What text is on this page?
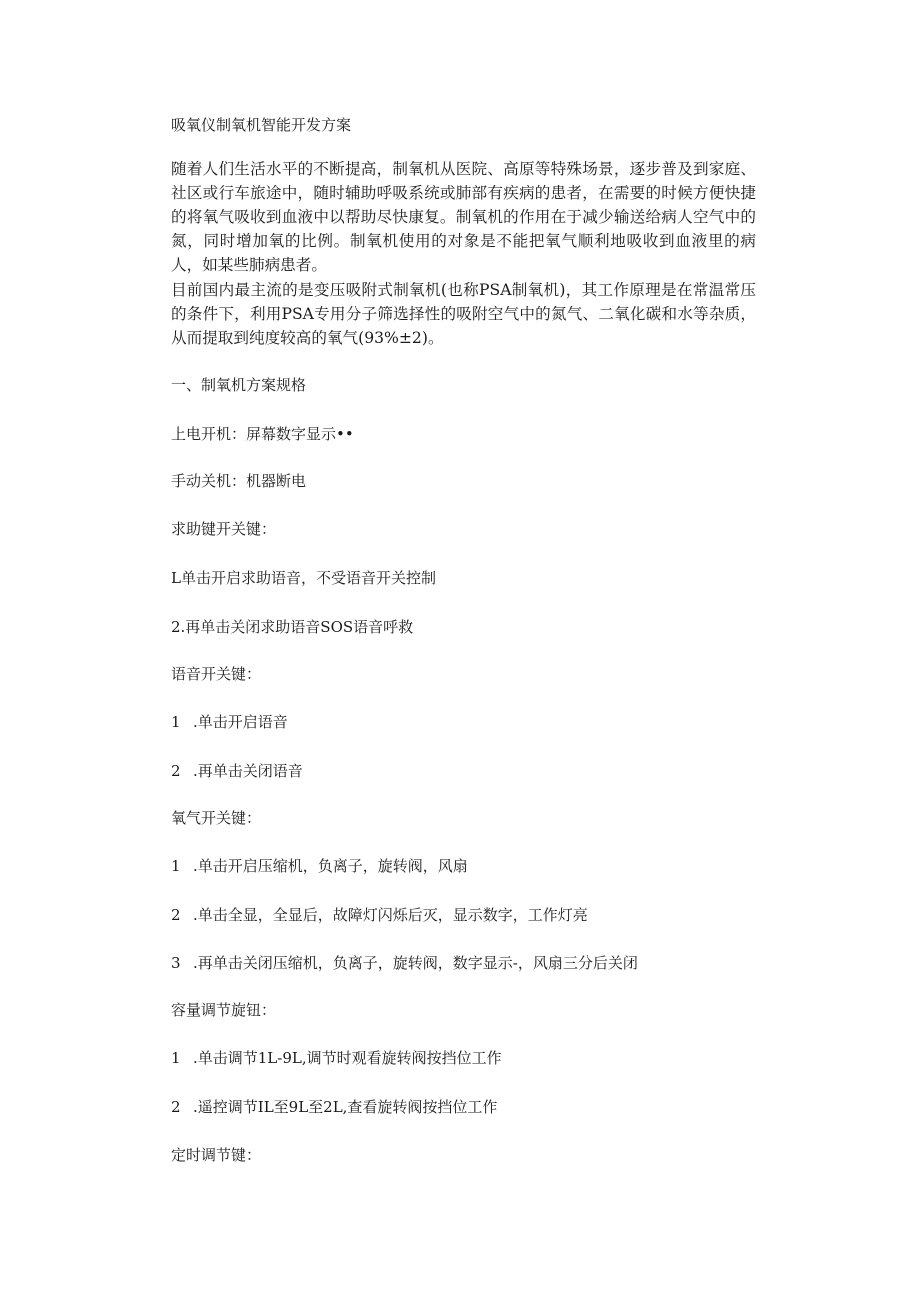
吸氧仪制氧机智能开发方案
随着人们生活水平的不断提高，制氧机从医院、高原等特殊场景，逐步普及到家庭、社区或行车旅途中，随时辅助呼吸系统或肺部有疾病的患者，在需要的时候方便快捷的将氧气吸收到血液中以帮助尽快康复。制氧机的作用在于减少输送给病人空气中的氮，同时增加氧的比例。制氧机使用的对象是不能把氧气顺利地吸收到血液里的病人，如某些肺病患者。
目前国内最主流的是变压吸附式制氧机(也称PSA制氧机)，其工作原理是在常温常压的条件下，利用PSA专用分子筛选择性的吸附空气中的氮气、二氧化碳和水等杂质，从而提取到纯度较高的氧气(93%±2)。
一、制氧机方案规格
上电开机：屏幕数字显示••
手动关机：机器断电
求助键开关键：
L单击开启求助语音，不受语音开关控制
2.再单击关闭求助语音SOS语音呼救
语音开关键：
1 .单击开启语音
2 .再单击关闭语音
氧气开关键：
1 .单击开启压缩机，负离子，旋转阀，风扇
2 .单击全显，全显后，故障灯闪烁后灭，显示数字，工作灯亮
3 .再单击关闭压缩机，负离子，旋转阀，数字显示-，风扇三分后关闭
容量调节旋钮：
1 .单击调节1L-9L,调节时观看旋转阀按挡位工作
2 .遥控调节IL至9L至2L,查看旋转阀按挡位工作
定时调节键：
